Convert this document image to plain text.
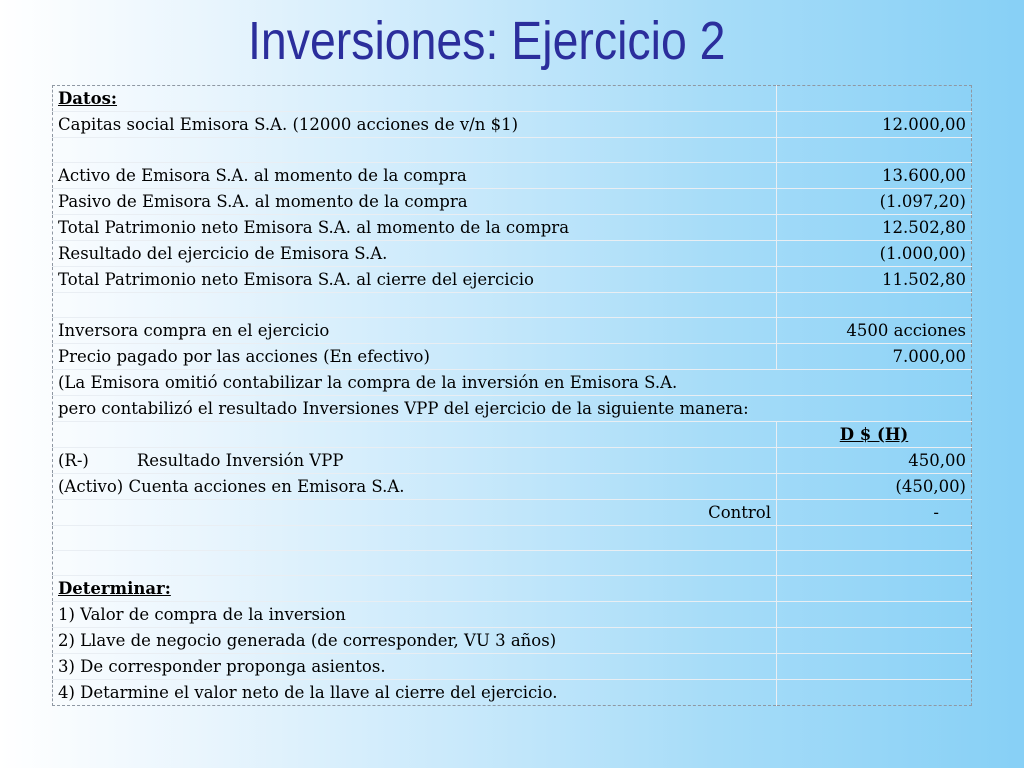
Inversiones: Ejercicio 2
Datos:	
Capitas social Emisora S.A. (12000 acciones de v/n $1)	12.000,00

Activo de Emisora S.A. al momento de la compra	13.600,00
Pasivo de Emisora S.A. al momento de la compra	(1.097,20)
Total Patrimonio neto Emisora S.A. al momento de la compra	12.502,80
Resultado del ejercicio de Emisora S.A.	(1.000,00)
Total Patrimonio neto Emisora S.A. al cierre del ejercicio	11.502,80

Inversora compra en el ejercicio	4500 acciones
Precio pagado por las acciones (En efectivo)	7.000,00
(La Emisora omitió contabilizar la compra de la inversión en Emisora S.A.	
pero contabilizó el resultado Inversiones VPP del ejercicio de la siguiente manera:	
	D $ (H)
(R-) Resultado Inversión VPP	450,00
(Activo) Cuenta acciones en Emisora S.A.	(450,00)
Control	-

Determinar:	
1) Valor de compra de la inversion	
2) Llave de negocio generada (de corresponder, VU 3 años)	
3) De corresponder proponga asientos.	
4) Detarmine el valor neto de la llave al cierre del ejercicio.	
